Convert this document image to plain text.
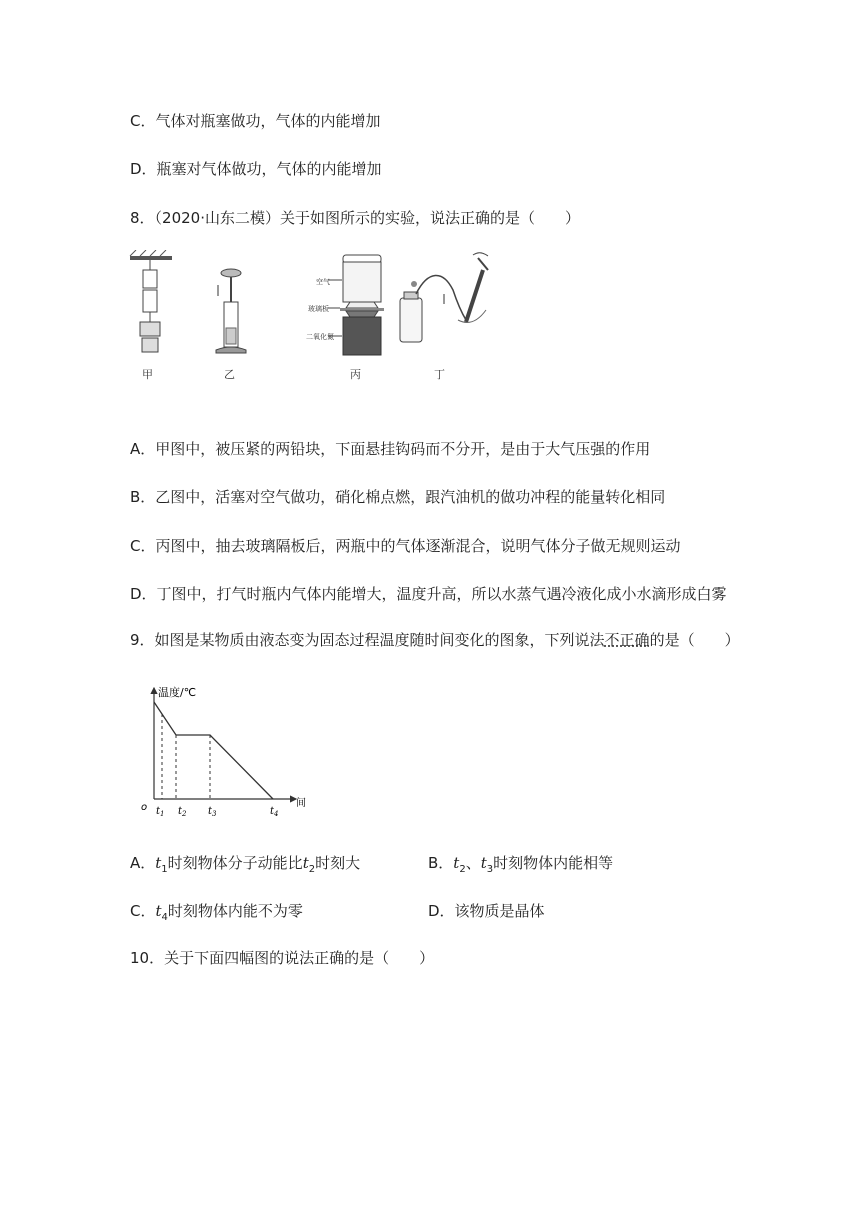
C．气体对瓶塞做功，气体的内能增加
D．瓶塞对气体做功，气体的内能增加
8．（2020·山东二模）关于如图所示的实验，说法正确的是（　　）
甲	乙
空气
玻璃板
二氧化氮
丙	丁
A．甲图中，被压紧的两铅块，下面悬挂钩码而不分开，是由于大气压强的作用
B．乙图中，活塞对空气做功，硝化棉点燃，跟汽油机的做功冲程的能量转化相同
C．丙图中，抽去玻璃隔板后，两瓶中的气体逐渐混合，说明气体分子做无规则运动
D．丁图中，打气时瓶内气体内能增大，温度升高，所以水蒸气遇冷液化成小水滴形成白雾
9．如图是某物质由液态变为固态过程温度随时间变化的图象，下列说法不正确的是（　　）
温度/℃
间
o $t_1$ $t_2$ $t_3$	$t_4$
A．$t_1$时刻物体分子动能比$t_2$时刻大	B．$t_2$、$t_3$时刻物体内能相等
C．$t_4$时刻物体内能不为零	D．该物质是晶体
10．关于下面四幅图的说法正确的是（　　）
